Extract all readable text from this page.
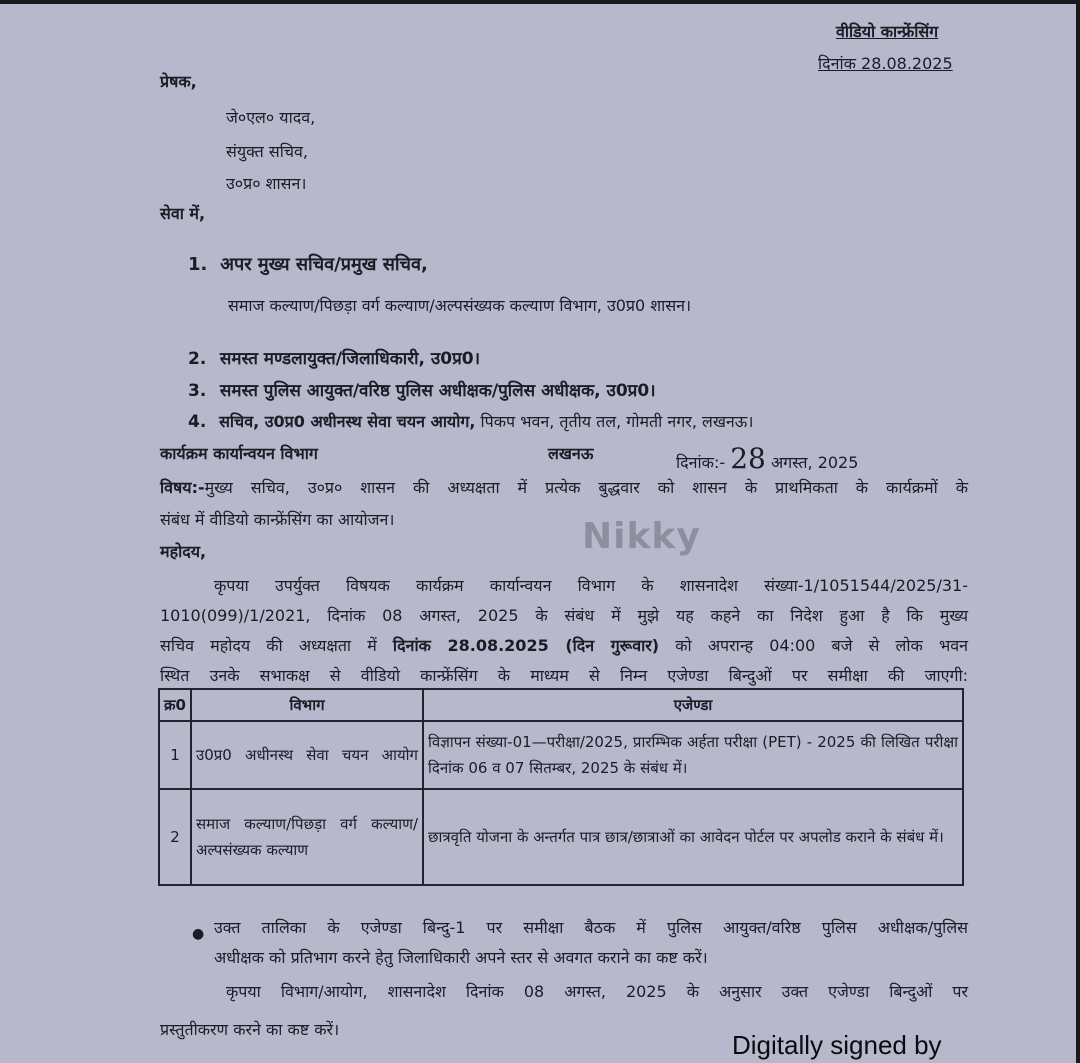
वीडियो कान्फ्रेंसिंग
दिनांक 28.08.2025
प्रेषक,
जे०एल० यादव,
संयुक्त सचिव,
उ०प्र० शासन।
सेवा में,
1. अपर मुख्य सचिव/प्रमुख सचिव,
समाज कल्याण/पिछड़ा वर्ग कल्याण/अल्पसंख्यक कल्याण विभाग, उ0प्र0 शासन।
2. समस्त मण्डलायुक्त/जिलाधिकारी, उ0प्र0।
3. समस्त पुलिस आयुक्त/वरिष्ठ पुलिस अधीक्षक/पुलिस अधीक्षक, उ0प्र0।
4. सचिव, उ0प्र0 अधीनस्थ सेवा चयन आयोग, पिकप भवन, तृतीय तल, गोमती नगर, लखनऊ।
कार्यक्रम कार्यान्वयन विभाग	लखनऊ	दिनांक:- 28 अगस्त, 2025
विषय:-मुख्य सचिव, उ०प्र० शासन की अध्यक्षता में प्रत्येक बुद्धवार को शासन के प्राथमिकता के कार्यक्रमों के
संबंध में वीडियो कान्फ्रेंसिंग का आयोजन।	Nikky
महोदय,
कृपया उपर्युक्त विषयक कार्यक्रम कार्यान्वयन विभाग के शासनादेश संख्या-1/1051544/2025/31-
1010(099)/1/2021, दिनांक 08 अगस्त, 2025 के संबंध में मुझे यह कहने का निदेश हुआ है कि मुख्य
सचिव महोदय की अध्यक्षता में दिनांक 28.08.2025 (दिन गुरूवार) को अपरान्ह 04:00 बजे से लोक भवन
स्थित उनके सभाकक्ष से वीडियो कान्फ्रेंसिंग के माध्यम से निम्न एजेण्डा बिन्दुओं पर समीक्षा की जाएगी:
क्र0	विभाग	एजेण्डा
1	उ0प्र0 अधीनस्थ सेवा चयन आयोग	विज्ञापन संख्या-01—परीक्षा/2025, प्रारम्भिक अर्हता परीक्षा (PET) - 2025 की लिखित परीक्षा दिनांक 06 व 07 सितम्बर, 2025 के संबंध में।
2	समाज कल्याण/पिछड़ा वर्ग कल्याण/अल्पसंख्यक कल्याण	छात्रवृति योजना के अन्तर्गत पात्र छात्र/छात्राओं का आवेदन पोर्टल पर अपलोड कराने के संबंध में।
● उक्त तालिका के एजेण्डा बिन्दु-1 पर समीक्षा बैठक में पुलिस आयुक्त/वरिष्ठ पुलिस अधीक्षक/पुलिस
अधीक्षक को प्रतिभाग करने हेतु जिलाधिकारी अपने स्तर से अवगत कराने का कष्ट करें।
कृपया विभाग/आयोग, शासनादेश दिनांक 08 अगस्त, 2025 के अनुसार उक्त एजेण्डा बिन्दुओं पर
प्रस्तुतीकरण करने का कष्ट करें।
Digitally signed by
